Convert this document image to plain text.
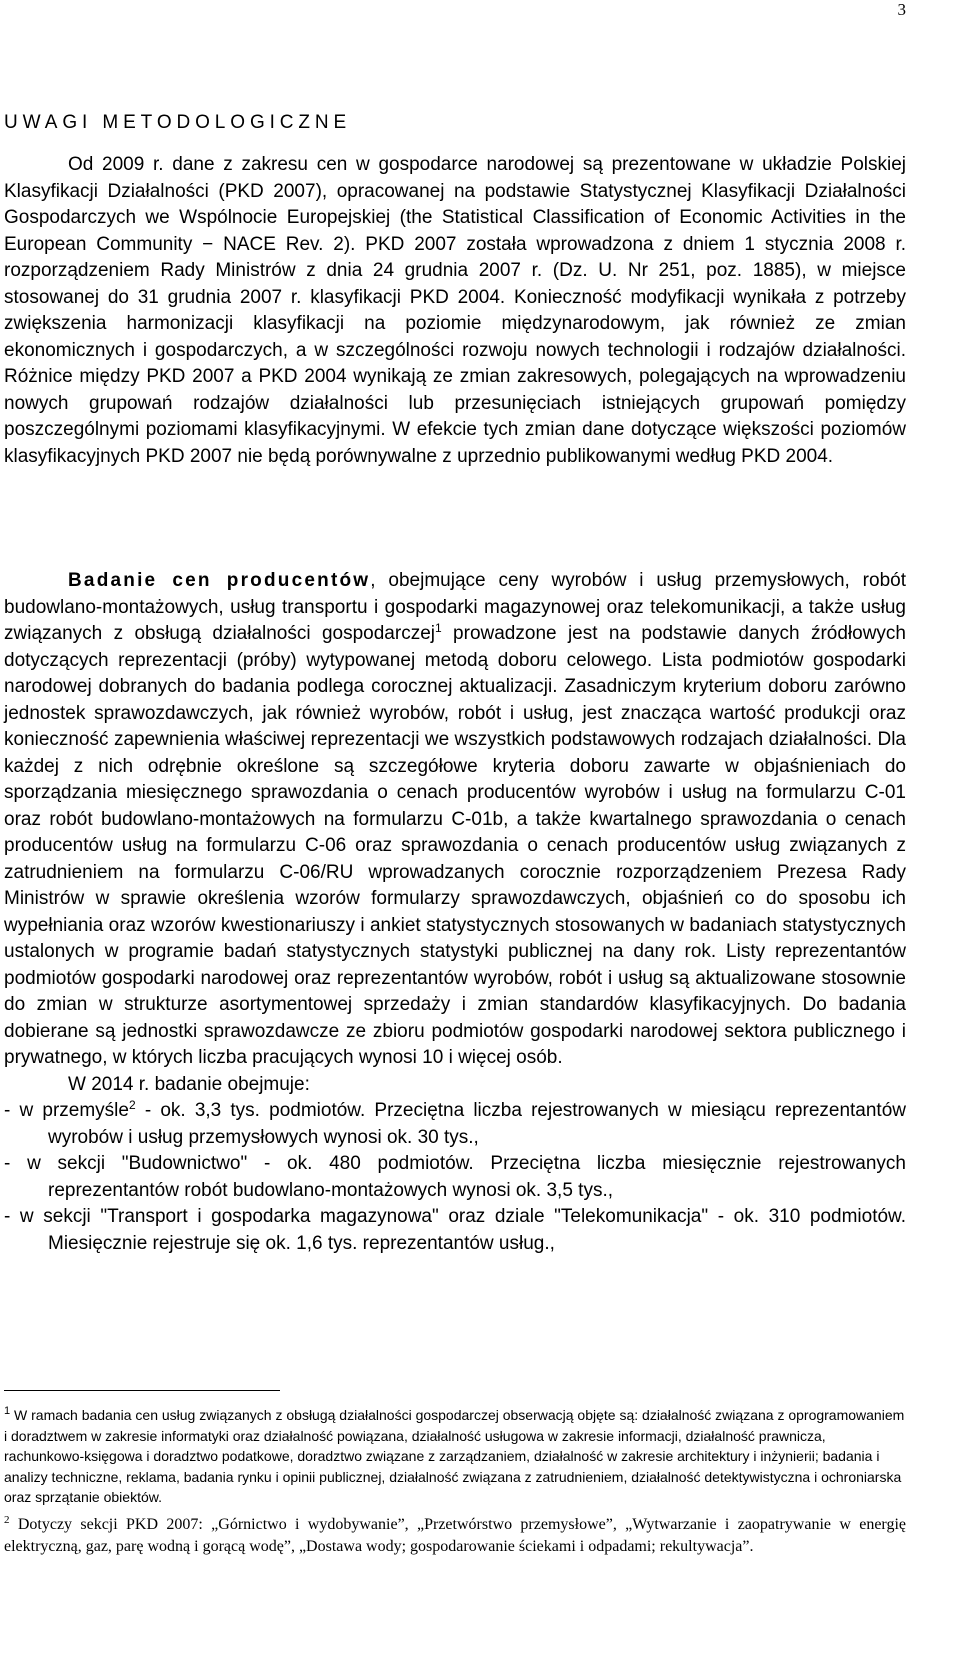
3
UWAGI METODOLOGICZNE

Od 2009 r. dane z zakresu cen w gospodarce narodowej są prezentowane w układzie Polskiej Klasyfikacji Działalności (PKD 2007), opracowanej na podstawie Statystycznej Klasyfikacji Działalności Gospodarczych we Wspólnocie Europejskiej (the Statistical Classification of Economic Activities in the European Community − NACE Rev. 2). PKD 2007 została wprowadzona z dniem 1 stycznia 2008 r. rozporządzeniem Rady Ministrów z dnia 24 grudnia 2007 r. (Dz. U. Nr 251, poz. 1885), w miejsce stosowanej do 31 grudnia 2007 r. klasyfikacji PKD 2004. Konieczność modyfikacji wynikała z potrzeby zwiększenia harmonizacji klasyfikacji na poziomie międzynarodowym, jak również ze zmian ekonomicznych i gospodarczych, a w szczególności rozwoju nowych technologii i rodzajów działalności. Różnice między PKD 2007 a PKD 2004 wynikają ze zmian zakresowych, polegających na wprowadzeniu nowych grupowań rodzajów działalności lub przesunięciach istniejących grupowań pomiędzy poszczególnymi poziomami klasyfikacyjnymi. W efekcie tych zmian dane dotyczące większości poziomów klasyfikacyjnych PKD 2007 nie będą porównywalne z uprzednio publikowanymi według PKD 2004.

Badanie cen producentów, obejmujące ceny wyrobów i usług przemysłowych, robót budowlano-montażowych, usług transportu i gospodarki magazynowej oraz telekomunikacji, a także usług związanych z obsługą działalności gospodarczej$^1$ prowadzone jest na podstawie danych źródłowych dotyczących reprezentacji (próby) wytypowanej metodą doboru celowego. Lista podmiotów gospodarki narodowej dobranych do badania podlega corocznej aktualizacji. Zasadniczym kryterium doboru zarówno jednostek sprawozdawczych, jak również wyrobów, robót i usług, jest znacząca wartość produkcji oraz konieczność zapewnienia właściwej reprezentacji we wszystkich podstawowych rodzajach działalności. Dla każdej z nich odrębnie określone są szczegółowe kryteria doboru zawarte w objaśnieniach do sporządzania miesięcznego sprawozdania o cenach producentów wyrobów i usług na formularzu C-01 oraz robót budowlano-montażowych na formularzu C-01b, a także kwartalnego sprawozdania o cenach producentów usług na formularzu C-06 oraz sprawozdania o cenach producentów usług związanych z zatrudnieniem na formularzu C-06/RU wprowadzanych corocznie rozporządzeniem Prezesa Rady Ministrów w sprawie określenia wzorów formularzy sprawozdawczych, objaśnień co do sposobu ich wypełniania oraz wzorów kwestionariuszy i ankiet statystycznych stosowanych w badaniach statystycznych ustalonych w programie badań statystycznych statystyki publicznej na dany rok. Listy reprezentantów podmiotów gospodarki narodowej oraz reprezentantów wyrobów, robót i usług są aktualizowane stosownie do zmian w strukturze asortymentowej sprzedaży i zmian standardów klasyfikacyjnych. Do badania dobierane są jednostki sprawozdawcze ze zbioru podmiotów gospodarki narodowej sektora publicznego i prywatnego, w których liczba pracujących wynosi 10 i więcej osób.

W 2014 r. badanie obejmuje:

- w przemyśle$^2$ - ok. 3,3 tys. podmiotów. Przeciętna liczba rejestrowanych w miesiącu reprezentantów wyrobów i usług przemysłowych wynosi ok. 30 tys.,

- w sekcji "Budownictwo" - ok. 480 podmiotów. Przeciętna liczba miesięcznie rejestrowanych reprezentantów robót budowlano-montażowych wynosi ok. 3,5 tys.,

- w sekcji "Transport i gospodarka magazynowa" oraz dziale "Telekomunikacja" - ok. 310 podmiotów. Miesięcznie rejestruje się ok. 1,6 tys. reprezentantów usług.,

$^1$ W ramach badania cen usług związanych z obsługą działalności gospodarczej obserwacją objęte są: działalność związana z oprogramowaniem i doradztwem w zakresie informatyki oraz działalność powiązana, działalność usługowa w zakresie informacji, działalność prawnicza, rachunkowo-księgowa i doradztwo podatkowe, doradztwo związane z zarządzaniem, działalność w zakresie architektury i inżynierii; badania i analizy techniczne, reklama, badania rynku i opinii publicznej, działalność związana z zatrudnieniem, działalność detektywistyczna i ochroniarska oraz sprzątanie obiektów.

$^2$ Dotyczy sekcji PKD 2007: „Górnictwo i wydobywanie”, „Przetwórstwo przemysłowe”, „Wytwarzanie i zaopatrywanie w energię elektryczną, gaz, parę wodną i gorącą wodę”, „Dostawa wody; gospodarowanie ściekami i odpadami; rekultywacja”.
